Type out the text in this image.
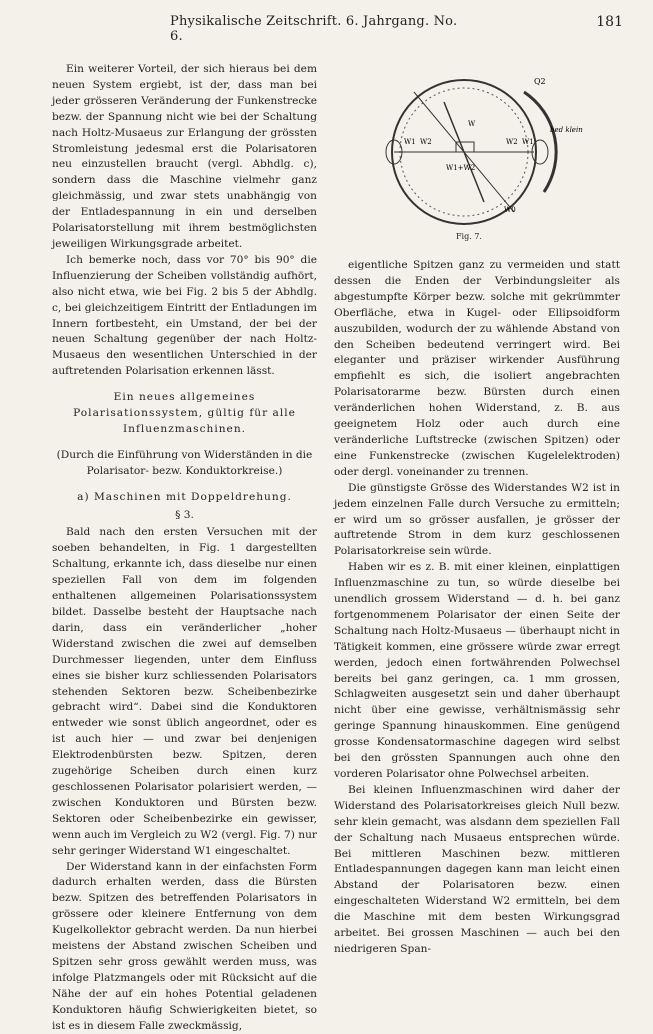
Physikalische Zeitschrift. 6. Jahrgang. No. 6.
181

Ein weiterer Vorteil, der sich hieraus bei dem neuen System ergiebt, ist der, dass man bei jeder grösseren Veränderung der Funkenstrecke bezw. der Spannung nicht wie bei der Schaltung nach Holtz-Musaeus zur Erlangung der grössten Stromleistung jedesmal erst die Polarisatoren neu einzustellen braucht (vergl. Abhdlg. c), sondern dass die Maschine vielmehr ganz gleichmässig, und zwar stets unabhängig von der Entladespannung in ein und derselben Polarisatorstellung mit ihrem bestmöglichsten jeweiligen Wirkungsgrade arbeitet.

Ich bemerke noch, dass vor 70° bis 90° die Influenzierung der Scheiben vollständig aufhört, also nicht etwa, wie bei Fig. 2 bis 5 der Abhdlg. c, bei gleichzeitigem Eintritt der Entladungen im Innern fortbesteht, ein Umstand, der bei der neuen Schaltung gegenüber der nach Holtz-Musaeus den wesentlichen Unterschied in der auftretenden Polarisation erkennen lässt.

Ein neues allgemeines Polarisationssystem, gültig für alle Influenzmaschinen.
(Durch die Einführung von Widerständen in die Polarisator- bezw. Konduktorkreise.)
a) Maschinen mit Doppeldrehung.
§ 3.

Bald nach den ersten Versuchen mit der soeben behandelten, in Fig. 1 dargestellten Schaltung, erkannte ich, dass dieselbe nur einen speziellen Fall von dem im folgenden enthaltenen allgemeinen Polarisationssystem bildet. Dasselbe besteht der Hauptsache nach darin, dass ein veränderlicher „hoher Widerstand zwischen die zwei auf demselben Durchmesser liegenden, unter dem Einfluss eines sie bisher kurz schliessenden Polarisators stehenden Sektoren bezw. Scheibenbezirke gebracht wird“. Dabei sind die Konduktoren entweder wie sonst üblich angeordnet, oder es ist auch hier — und zwar bei denjenigen Elektrodenbürsten bezw. Spitzen, deren zugehörige Scheiben durch einen kurz geschlossenen Polarisator polarisiert werden, — zwischen Konduktoren und Bürsten bezw. Sektoren oder Scheibenbezirke ein gewisser, wenn auch im Vergleich zu W2 (vergl. Fig. 7) nur sehr geringer Widerstand W1 eingeschaltet.

Der Widerstand kann in der einfachsten Form dadurch erhalten werden, dass die Bürsten bezw. Spitzen des betreffenden Polarisators in grössere oder kleinere Entfernung von dem Kugelkollektor gebracht werden. Da nun hierbei meistens der Abstand zwischen Scheiben und Spitzen sehr gross gewählt werden muss, was infolge Platzmangels oder mit Rücksicht auf die Nähe der auf ein hohes Potential geladenen Konduktoren häufig Schwierigkeiten bietet, so ist es in diesem Falle zweckmässig,

Q2
W1 W2	W2 W1
W
W1+W2
W0
bed klein
Fig. 7.

eigentliche Spitzen ganz zu vermeiden und statt dessen die Enden der Verbindungsleiter als abgestumpfte Körper bezw. solche mit gekrümmter Oberfläche, etwa in Kugel- oder Ellipsoidform auszubilden, wodurch der zu wählende Abstand von den Scheiben bedeutend verringert wird. Bei eleganter und präziser wirkender Ausführung empfiehlt es sich, die isoliert angebrachten Polarisatorarme bezw. Bürsten durch einen veränderlichen hohen Widerstand, z. B. aus geeignetem Holz oder auch durch eine veränderliche Luftstrecke (zwischen Spitzen) oder eine Funkenstrecke (zwischen Kugelelektroden) oder dergl. voneinander zu trennen.

Die günstigste Grösse des Widerstandes W2 ist in jedem einzelnen Falle durch Versuche zu ermitteln; er wird um so grösser ausfallen, je grösser der auftretende Strom in dem kurz geschlossenen Polarisatorkreise sein würde.

Haben wir es z. B. mit einer kleinen, einplattigen Influenzmaschine zu tun, so würde dieselbe bei unendlich grossem Widerstand — d. h. bei ganz fortgenommenem Polarisator der einen Seite der Schaltung nach Holtz-Musaeus — überhaupt nicht in Tätigkeit kommen, eine grössere würde zwar erregt werden, jedoch einen fortwährenden Polwechsel bereits bei ganz geringen, ca. 1 mm grossen, Schlagweiten ausgesetzt sein und daher überhaupt nicht über eine gewisse, verhältnismässig sehr geringe Spannung hinauskommen. Eine genügend grosse Kondensatormaschine dagegen wird selbst bei den grössten Spannungen auch ohne den vorderen Polarisator ohne Polwechsel arbeiten.

Bei kleinen Influenzmaschinen wird daher der Widerstand des Polarisatorkreises gleich Null bezw. sehr klein gemacht, was alsdann dem speziellen Fall der Schaltung nach Musaeus entsprechen würde. Bei mittleren Maschinen bezw. mittleren Entladespannungen dagegen kann man leicht einen Abstand der Polarisatoren bezw. einen eingeschalteten Widerstand W2 ermitteln, bei dem die Maschine mit dem besten Wirkungsgrad arbeitet. Bei grossen Maschinen — auch bei den niedrigeren Span-
